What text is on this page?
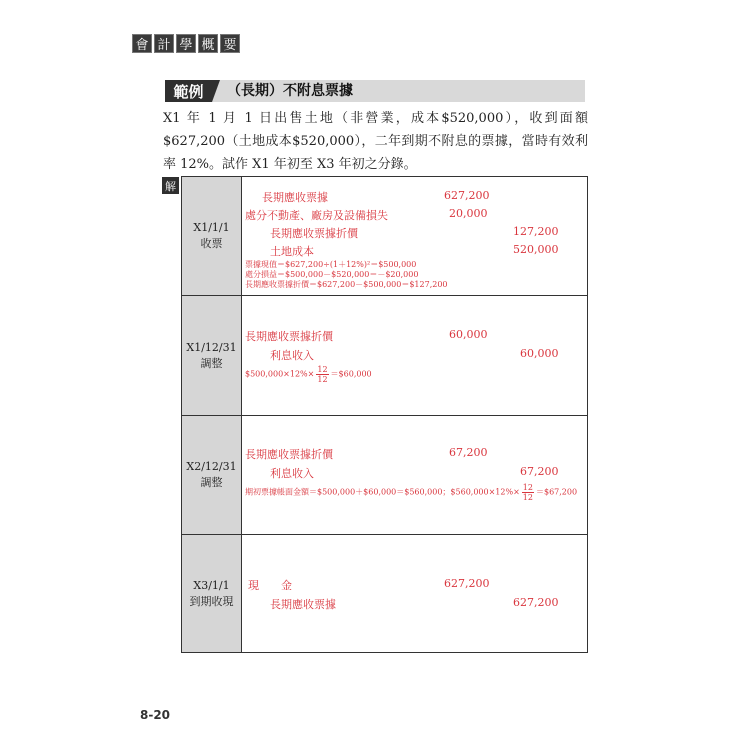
會 計 學 概 要
範例	（長期）不附息票據
X1 年 1 月 1 日出售土地（非營業，成本$520,000），收到面額$627,200（土地成本$520,000），二年到期不附息的票據，當時有效利率 12%。試作 X1 年初至 X3 年初之分錄。
解
X1/1/1
收票
長期應收票據	627,200
處分不動產、廠房及設備損失	20,000
長期應收票據折價	127,200
土地成本	520,000
票據現值＝$627,200÷(1＋12%)²＝$500,000
處分損益＝$500,000－$520,000＝－$20,000
長期應收票據折價＝$627,200－$500,000＝$127,200
X1/12/31
調整
長期應收票據折價	60,000
利息收入	60,000
$500,000×12%× $\frac{12}{12}$ ＝$60,000
X2/12/31
調整
長期應收票據折價	67,200
利息收入	67,200
期初票據帳面金額＝$500,000＋$60,000＝$560,000；$560,000×12%× $\frac{12}{12}$ ＝$67,200
X3/1/1
到期收現
現　　金	627,200
長期應收票據	627,200
8-20
